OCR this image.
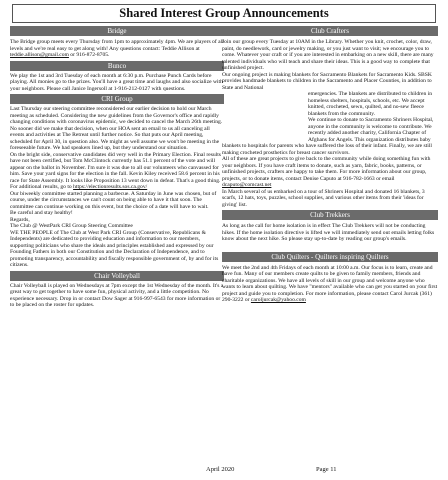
Shared Interest Group Announcements
Bridge

The Bridge group meets every Thursday from 1pm to approximately 4pm. We are players of all levels and we're real easy to get along with! Any questions contact: Teddie Allison at teddie.allison@gmail.com or 916-872-8705.

Bunco

We play the 1st and 3rd Tuesday of each month at 6:30 p.m. Purchase Punch Cards before playing. All monies go to the prizes. You'll have a great time and laughs and also socialize with your neighbors. Please call Janice Ingersoll at 1-916-212-0127 with questions.

CRI Group

Last Thursday our steering committee reconsidered our earlier decision to hold our March meeting as scheduled. Considering the new guidelines from the Governor's office and rapidly changing conditions with coronavirus epidemic, we decided to cancel the March 26th meeting. No sooner did we make that decision, when our HOA sent an email to us all canceling all events and activities at The Retreat until further notice. So that puts our April meeting, scheduled for April 30, in question also. We might as well assume we won't be meeting in the foreseeable future. We had speakers lined up, but they understand our situation.

On the bright side, conservative candidates did very well in the Primary Election. Final results have not been certified, but Tom McClintock currently has 51.1 percent of the vote and will appear on the ballot in November. I'm sure it was due to all our volunteers who canvassed for him. Save your yard signs for the election in the fall. Kevin Kiley received 58.6 percent in his race for State Assembly. It looks like Proposition 13 went down in defeat. That's a good thing. For additional results, go to https://electionresults.sos.ca.gov/

Our biweekly committee started planning a barbecue. A Saturday in June was chosen, but of course, under the circumstances we can't count on being able to have it that soon. The committee can continue working on this event, but the choice of a date will have to wait.

Be careful and stay healthy!

Regards,

The Club @ WestPark CRI Group Steering Committee

WE THE PEOPLE of The Club at West Park CRI Group (Conservative, Republicans & Independents) are dedicated to providing education and information to our members, supporting politicians who share the ideals and principles established and expressed by our Founding Fathers in both our Constitution and the Declaration of Independence, and to promoting transparency, accountability and fiscally responsible government of, by and for its citizens.

Chair Volleyball

Chair Volleyball is played on Wednesdays at 7pm except the 1st Wednesday of the month. It's a great way to get together to have some fun, physical activity, and a little competition. No experience necessary. Drop in or contact Dow Sager at 916-997-6543 for more information or to be placed on the roster for updates.

Club Crafters

Join our group every Tuesday at 10AM in the Library. Whether you knit, crochet, color, draw, paint, do needlework, card or jewelry making, or you just want to visit; we encourage you to come. Whatever your craft or if you are interested in embarking on a new skill, there are many talented individuals who will teach and share their ideas. This is a good way to complete that unfinished project.

Our ongoing project is making blankets for Sacramento Blankets for Sacramento Kids. SBSK provides handmade blankets to children in the Sacramento and Placer Counties, in addition to State and National

emergencies. The blankets are distributed to children in homeless shelters, hospitals, schools, etc. We accept knitted, crocheted, sewn, quilted, and no-sew fleece blankets from the community.

We continue to donate to Sacramento Shriners Hospital, anyone in the community is welcome to contribute. We recently added another charity, California Chapter of Afghans for Angels. This organization distributes baby blankets to hospitals for parents who have suffered the loss of their infant. Finally, we are still making crocheted prosthetics for breast cancer survivors.

All of these are great projects to give back to the community while doing something fun with your neighbors. If you have craft items to donate, such as yarn, fabric, books, patterns, or unfinished projects, crafters are happy to take them. For more information about our group, projects, or to donate items, contact Denise Caputo at 916-782-1663 or email dcaputo@comcast.net

In March several of us embarked on a tour of Shriners Hospital and donated 16 blankets, 3 scarfs, 12 hats, toys, puzzles, school supplies, and various other items from their 'ideas for giving' list.

Club Trekkers

As long as the call for home isolation is in effect The Club Trekkers will not be conducting hikes. If the home isolation directive is lifted we will immediately send out emails letting folks know about the next hike. So please stay up-to-date by reading our group's emails.

Club Quilters - Quilters inspiring Quilters

We meet the 2nd and 4th Fridays of each month at 10:00 a.m. Our focus is to learn, create and have fun. Many of our members create quilts to be given to family members, friends and charitable organizations. We have all levels of skill in our group and welcome anyone who wants to learn about quilting. We have "mentors" available who can get you started on your first project and guide you to completion. For more information, please contact Carol Jurcak (361) 290-3222 or caroljurcak@yahoo.com

April 2020	Page 11
